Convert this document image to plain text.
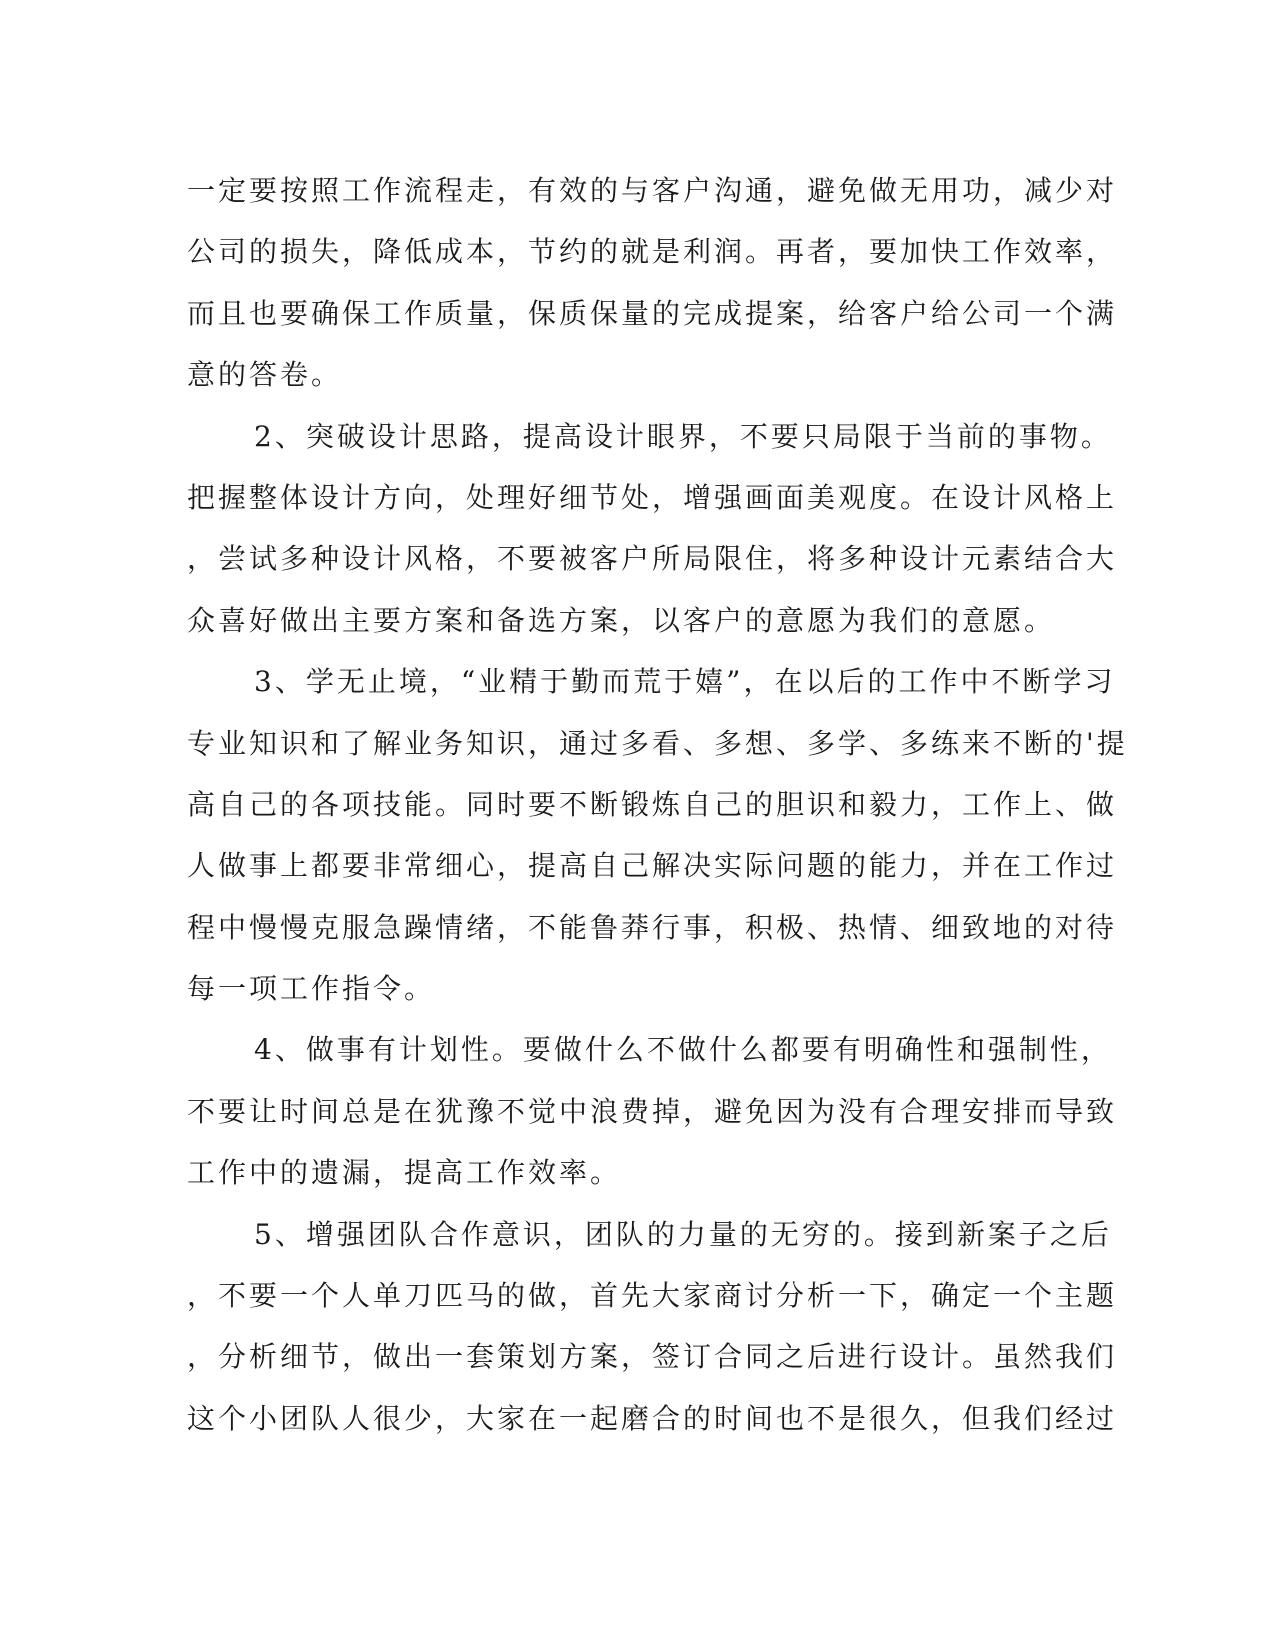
一定要按照工作流程走，有效的与客户沟通，避免做无用功，减少对
公司的损失，降低成本，节约的就是利润。再者，要加快工作效率，
而且也要确保工作质量，保质保量的完成提案，给客户给公司一个满
意的答卷。
2、突破设计思路，提高设计眼界，不要只局限于当前的事物。
把握整体设计方向，处理好细节处，增强画面美观度。在设计风格上
，尝试多种设计风格，不要被客户所局限住，将多种设计元素结合大
众喜好做出主要方案和备选方案，以客户的意愿为我们的意愿。
3、学无止境，“业精于勤而荒于嬉”，在以后的工作中不断学习
专业知识和了解业务知识，通过多看、多想、多学、多练来不断的'提
高自己的各项技能。同时要不断锻炼自己的胆识和毅力，工作上、做
人做事上都要非常细心，提高自己解决实际问题的能力，并在工作过
程中慢慢克服急躁情绪，不能鲁莽行事，积极、热情、细致地的对待
每一项工作指令。
4、做事有计划性。要做什么不做什么都要有明确性和强制性，
不要让时间总是在犹豫不觉中浪费掉，避免因为没有合理安排而导致
工作中的遗漏，提高工作效率。
5、增强团队合作意识，团队的力量的无穷的。接到新案子之后
，不要一个人单刀匹马的做，首先大家商讨分析一下，确定一个主题
，分析细节，做出一套策划方案，签订合同之后进行设计。虽然我们
这个小团队人很少，大家在一起磨合的时间也不是很久，但我们经过
